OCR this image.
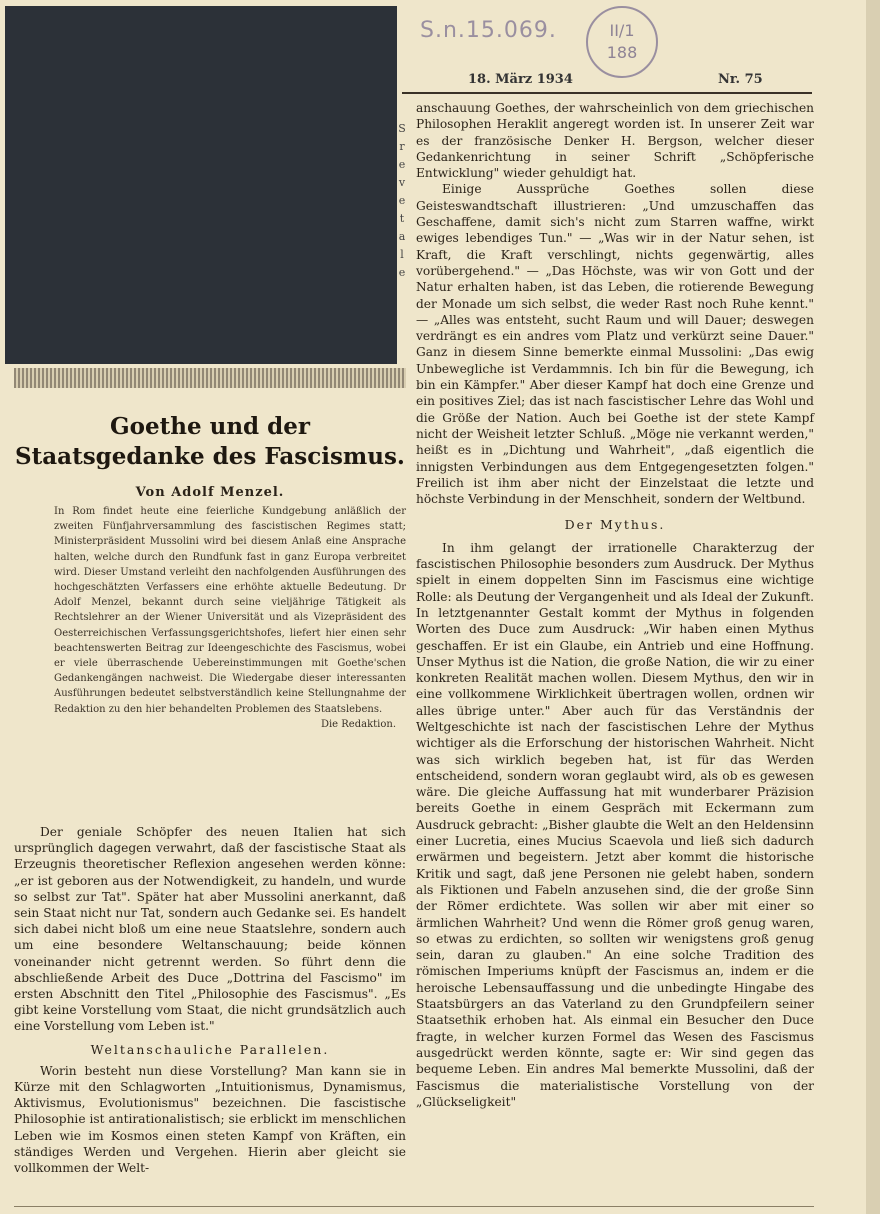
S.n.15.069.	II/1
188
18. März 1934	Nr. 75
S r e v e t a l e
Goethe und der Staatsgedanke des Fascismus.
Von Adolf Menzel.
In Rom findet heute eine feierliche Kundgebung anläßlich der zweiten Fünfjahrversammlung des fascistischen Regimes statt; Ministerpräsident Mussolini wird bei diesem Anlaß eine Ansprache halten, welche durch den Rundfunk fast in ganz Europa verbreitet wird. Dieser Umstand verleiht den nachfolgenden Ausführungen des hochgeschätzten Verfassers eine erhöhte aktuelle Bedeutung. Dr Adolf Menzel, bekannt durch seine vieljährige Tätigkeit als Rechtslehrer an der Wiener Universität und als Vizepräsident des Oesterreichischen Verfassungsgerichtshofes, liefert hier einen sehr beachtenswerten Beitrag zur Ideengeschichte des Fascismus, wobei er viele überraschende Uebereinstimmungen mit Goethe'schen Gedankengängen nachweist. Die Wiedergabe dieser interessanten Ausführungen bedeutet selbstverständlich keine Stellungnahme der Redaktion zu den hier behandelten Problemen des Staatslebens.
Die Redaktion.

Der geniale Schöpfer des neuen Italien hat sich ursprünglich dagegen verwahrt, daß der fascistische Staat als Erzeugnis theoretischer Reflexion angesehen werden könne: „er ist geboren aus der Notwendigkeit, zu handeln, und wurde so selbst zur Tat". Später hat aber Mussolini anerkannt, daß sein Staat nicht nur Tat, sondern auch Gedanke sei. Es handelt sich dabei nicht bloß um eine neue Staatslehre, sondern auch um eine besondere Weltanschauung; beide können voneinander nicht getrennt werden. So führt denn die abschließende Arbeit des Duce „Dottrina del Fascismo" im ersten Abschnitt den Titel „Philosophie des Fascismus". „Es gibt keine Vorstellung vom Staat, die nicht grundsätzlich auch eine Vorstellung vom Leben ist."

Weltanschauliche Parallelen.

Worin besteht nun diese Vorstellung? Man kann sie in Kürze mit den Schlagworten „Intuitionismus, Dynamismus, Aktivismus, Evolutionismus" bezeichnen. Die fascistische Philosophie ist antirationalistisch; sie erblickt im menschlichen Leben wie im Kosmos einen steten Kampf von Kräften, ein ständiges Werden und Vergehen. Hierin aber gleicht sie vollkommen der Welt-

anschauung Goethes, der wahrscheinlich von dem griechischen Philosophen Heraklit angeregt worden ist. In unserer Zeit war es der französische Denker H. Bergson, welcher dieser Gedankenrichtung in seiner Schrift „Schöpferische Entwicklung" wieder gehuldigt hat.

Einige Aussprüche Goethes sollen diese Geisteswandtschaft illustrieren: „Und umzuschaffen das Geschaffene, damit sich's nicht zum Starren waffne, wirkt ewiges lebendiges Tun." — „Was wir in der Natur sehen, ist Kraft, die Kraft verschlingt, nichts gegenwärtig, alles vorübergehend." — „Das Höchste, was wir von Gott und der Natur erhalten haben, ist das Leben, die rotierende Bewegung der Monade um sich selbst, die weder Rast noch Ruhe kennt." — „Alles was entsteht, sucht Raum und will Dauer; deswegen verdrängt es ein andres vom Platz und verkürzt seine Dauer." Ganz in diesem Sinne bemerkte einmal Mussolini: „Das ewig Unbewegliche ist Verdammnis. Ich bin für die Bewegung, ich bin ein Kämpfer." Aber dieser Kampf hat doch eine Grenze und ein positives Ziel; das ist nach fascistischer Lehre das Wohl und die Größe der Nation. Auch bei Goethe ist der stete Kampf nicht der Weisheit letzter Schluß. „Möge nie verkannt werden," heißt es in „Dichtung und Wahrheit", „daß eigentlich die innigsten Verbindungen aus dem Entgegengesetzten folgen." Freilich ist ihm aber nicht der Einzelstaat die letzte und höchste Verbindung in der Menschheit, sondern der Weltbund.

Der Mythus.

In ihm gelangt der irrationelle Charakterzug der fascistischen Philosophie besonders zum Ausdruck. Der Mythus spielt in einem doppelten Sinn im Fascismus eine wichtige Rolle: als Deutung der Vergangenheit und als Ideal der Zukunft. In letztgenannter Gestalt kommt der Mythus in folgenden Worten des Duce zum Ausdruck: „Wir haben einen Mythus geschaffen. Er ist ein Glaube, ein Antrieb und eine Hoffnung. Unser Mythus ist die Nation, die große Nation, die wir zu einer konkreten Realität machen wollen. Diesem Mythus, den wir in eine vollkommene Wirklichkeit übertragen wollen, ordnen wir alles übrige unter." Aber auch für das Verständnis der Weltgeschichte ist nach der fascistischen Lehre der Mythus wichtiger als die Erforschung der historischen Wahrheit. Nicht was sich wirklich begeben hat, ist für das Werden entscheidend, sondern woran geglaubt wird, als ob es gewesen wäre. Die gleiche Auffassung hat mit wunderbarer Präzision bereits Goethe in einem Gespräch mit Eckermann zum Ausdruck gebracht: „Bisher glaubte die Welt an den Heldensinn einer Lucretia, eines Mucius Scaevola und ließ sich dadurch erwärmen und begeistern. Jetzt aber kommt die historische Kritik und sagt, daß jene Personen nie gelebt haben, sondern als Fiktionen und Fabeln anzusehen sind, die der große Sinn der Römer erdichtete. Was sollen wir aber mit einer so ärmlichen Wahrheit? Und wenn die Römer groß genug waren, so etwas zu erdichten, so sollten wir wenigstens groß genug sein, daran zu glauben." An eine solche Tradition des römischen Imperiums knüpft der Fascismus an, indem er die heroische Lebensauffassung und die unbedingte Hingabe des Staatsbürgers an das Vaterland zu den Grundpfeilern seiner Staatsethik erhoben hat. Als einmal ein Besucher den Duce fragte, in welcher kurzen Formel das Wesen des Fascismus ausgedrückt werden könnte, sagte er: Wir sind gegen das bequeme Leben. Ein andres Mal bemerkte Mussolini, daß der Fascismus die materialistische Vorstellung von der „Glückseligkeit"
